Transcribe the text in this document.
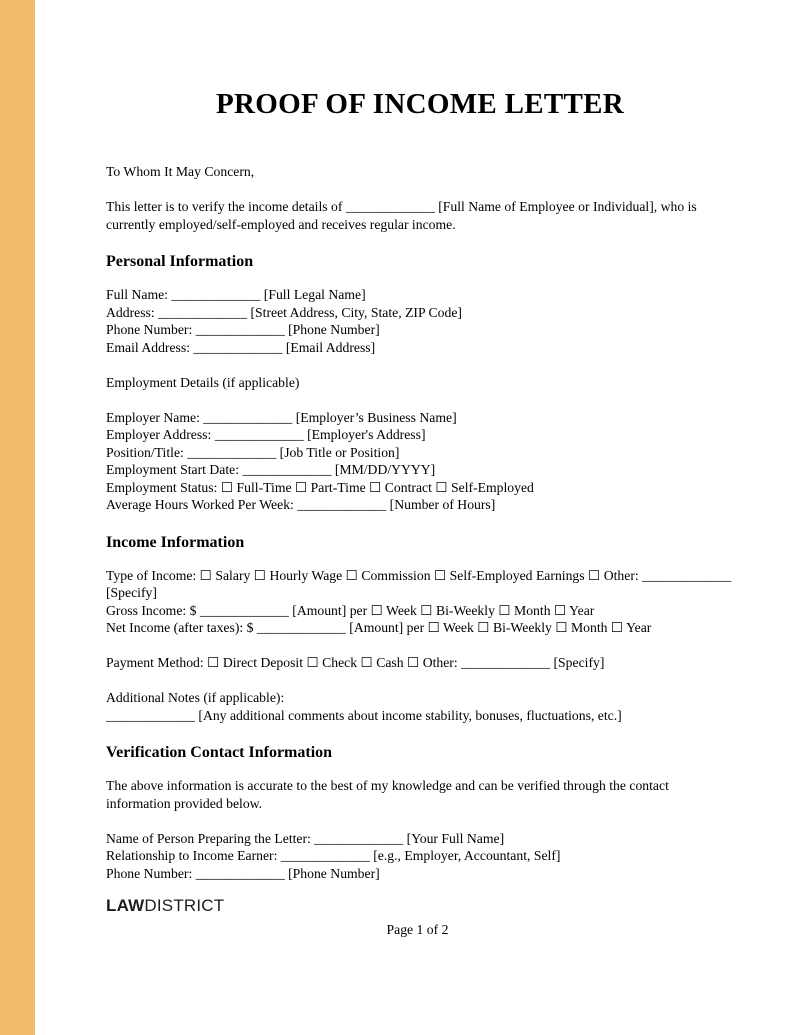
PROOF OF INCOME LETTER

To Whom It May Concern,

This letter is to verify the income details of _____________ [Full Name of Employee or Individual], who is currently employed/self-employed and receives regular income.

Personal Information
Full Name: _____________ [Full Legal Name]
Address: _____________ [Street Address, City, State, ZIP Code]
Phone Number: _____________ [Phone Number]
Email Address: _____________ [Email Address]
Employment Details (if applicable)
Employer Name: _____________ [Employer’s Business Name]
Employer Address: _____________ [Employer's Address]
Position/Title: _____________ [Job Title or Position]
Employment Start Date: _____________ [MM/DD/YYYY]
Employment Status: ☐ Full-Time ☐ Part-Time ☐ Contract ☐ Self-Employed
Average Hours Worked Per Week: _____________ [Number of Hours]
Income Information
Type of Income: ☐ Salary ☐ Hourly Wage ☐ Commission ☐ Self-Employed Earnings ☐ Other: _____________ [Specify]
Gross Income: $ _____________ [Amount] per ☐ Week ☐ Bi-Weekly ☐ Month ☐ Year
Net Income (after taxes): $ _____________ [Amount] per ☐ Week ☐ Bi-Weekly ☐ Month ☐ Year
Payment Method: ☐ Direct Deposit ☐ Check ☐ Cash ☐ Other: _____________ [Specify]
Additional Notes (if applicable):
_____________ [Any additional comments about income stability, bonuses, fluctuations, etc.]
Verification Contact Information

The above information is accurate to the best of my knowledge and can be verified through the contact information provided below.

Name of Person Preparing the Letter: _____________ [Your Full Name]
Relationship to Income Earner: _____________ [e.g., Employer, Accountant, Self]
Phone Number: _____________ [Phone Number]
LAWDISTRICT
Page 1 of 2
